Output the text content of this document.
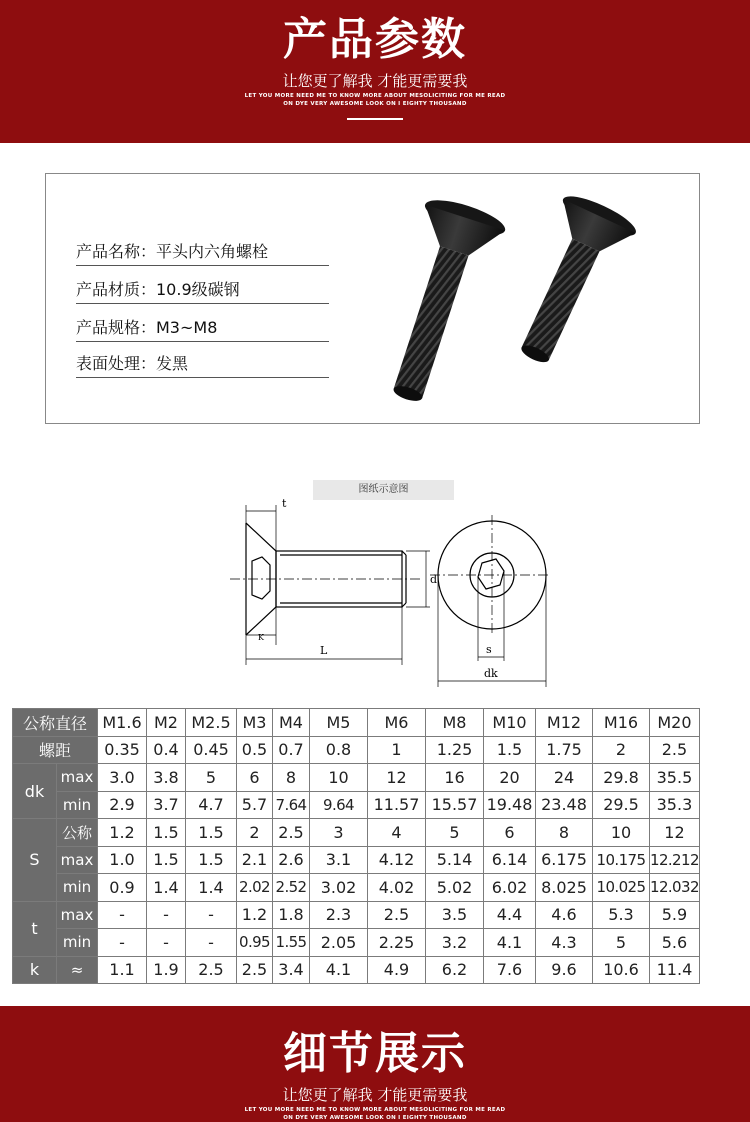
产品参数
让您更了解我 才能更需要我
LET YOU MORE NEED ME TO KNOW MORE ABOUT MESOLICITING FOR ME READ
ON DYE VERY AWESOME LOOK ON I EIGHTY THOUSAND
产品名称：平头内六角螺栓
产品材质：10.9级碳钢
产品规格：M3~M8
表面处理：发黑
图纸示意图
t
d
K
L	s
dk
公称直径		M1.6	M2	M2.5	M3	M4	M5	M6	M8	M10	M12	M16	M20
螺距		0.35	0.4	0.45	0.5	0.7	0.8	1	1.25	1.5	1.75	2	2.5
dk	max	3.0	3.8	5	6	8	10	12	16	20	24	29.8	35.5
	min	2.9	3.7	4.7	5.7	7.64	9.64	11.57	15.57	19.48	23.48	29.5	35.3
S	公称	1.2	1.5	1.5	2	2.5	3	4	5	6	8	10	12
	max	1.0	1.5	1.5	2.1	2.6	3.1	4.12	5.14	6.14	6.175	10.175	12.212
	min	0.9	1.4	1.4	2.02	2.52	3.02	4.02	5.02	6.02	8.025	10.025	12.032
t	max	-	-	-	1.2	1.8	2.3	2.5	3.5	4.4	4.6	5.3	5.9
	min	-	-	-	0.95	1.55	2.05	2.25	3.2	4.1	4.3	5	5.6
k	≈	1.1	1.9	2.5	2.5	3.4	4.1	4.9	6.2	7.6	9.6	10.6	11.4
细节展示
让您更了解我 才能更需要我
LET YOU MORE NEED ME TO KNOW MORE ABOUT MESOLICITING FOR ME READ
ON DYE VERY AWESOME LOOK ON I EIGHTY THOUSAND
